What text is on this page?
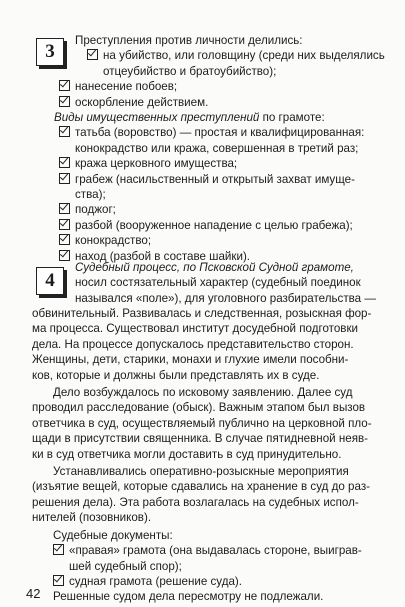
3
Преступления против личности делились:
на убийство, или головщину (среди них выделялись
отцеубийство и братоубийство);
нанесение побоев;
оскорбление действием.
Виды имущественных преступлений по грамоте:
татьба (воровство) — простая и квалифицированная:
конокрадство или кража, совершенная в третий раз;
кража церковного имущества;
грабеж (насильственный и открытый захват имуще-
ства);
поджог;
разбой (вооруженное нападение с целью грабежа);
конокрадство;
наход (разбой в составе шайки).
4
Судебный процесс, по Псковской Судной грамоте,
носил состязательный характер (судебный поединок
назывался «поле»), для уголовного разбирательства —
обвинительный. Развивалась и следственная, розыскная фор-
ма процесса. Существовал институт досудебной подготовки
дела. На процессе допускалось представительство сторон.
Женщины, дети, старики, монахи и глухие имели пособни-
ков, которые и должны были представлять их в суде.
Дело возбуждалось по исковому заявлению. Далее суд
проводил расследование (обыск). Важным этапом был вызов
ответчика в суд, осуществляемый публично на церковной пло-
щади в присутствии священника. В случае пятидневной неяв-
ки в суд ответчика могли доставить в суд принудительно.
Устанавливались оперативно-розыскные мероприятия
(изъятие вещей, которые сдавались на хранение в суд до раз-
решения дела). Эта работа возлагалась на судебных испол-
нителей (позовников).
Судебные документы:
«правая» грамота (она выдавалась стороне, выиграв-
шей судебный спор);
судная грамота (решение суда).
Решенные судом дела пересмотру не подлежали.
42
